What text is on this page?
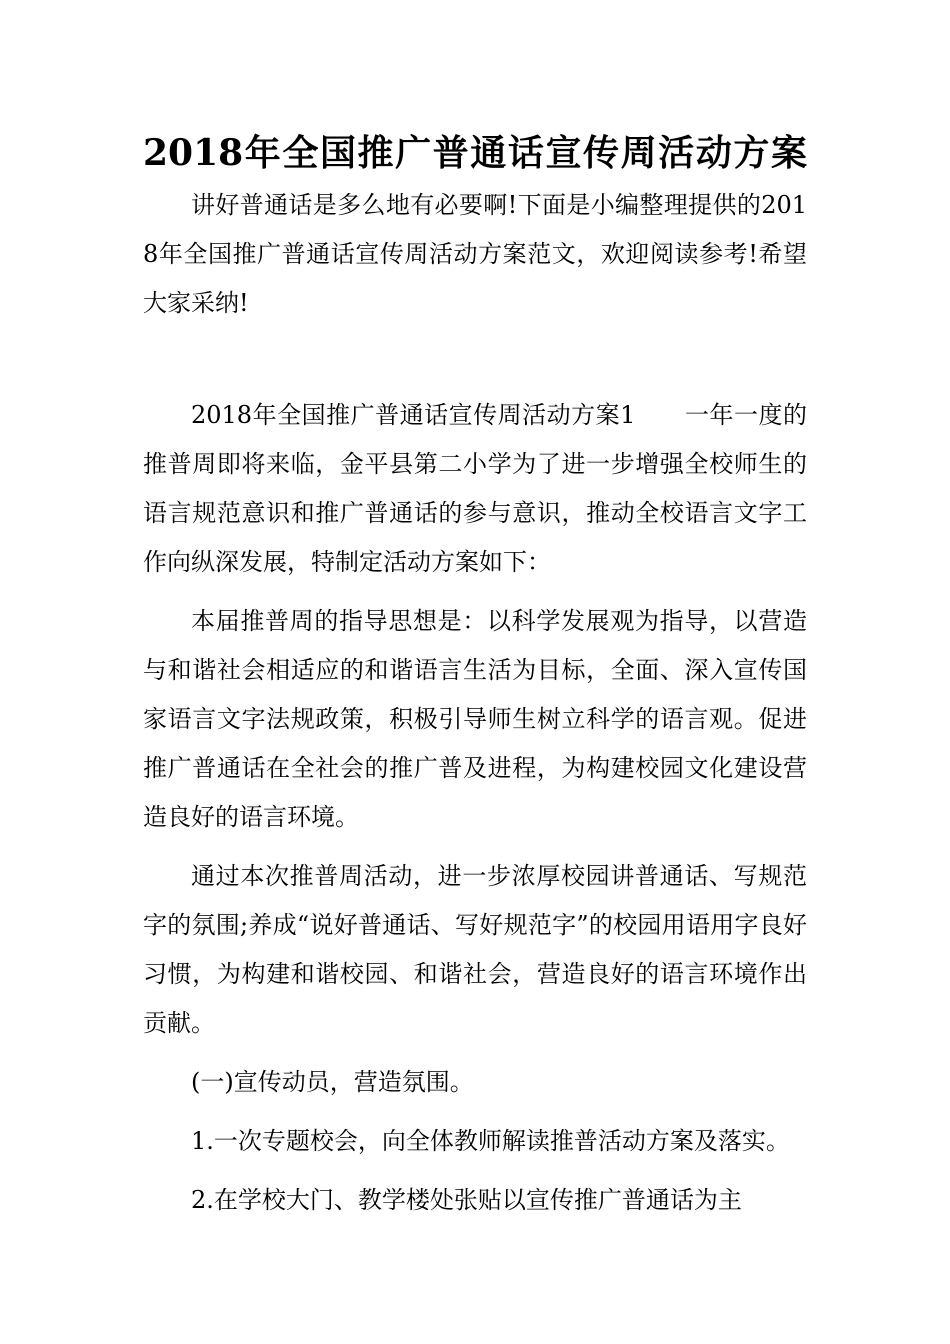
2018年全国推广普通话宣传周活动方案

讲好普通话是多么地有必要啊!下面是小编整理提供的2018年全国推广普通话宣传周活动方案范文，欢迎阅读参考!希望大家采纳!

2018年全国推广普通话宣传周活动方案1　　一年一度的推普周即将来临，金平县第二小学为了进一步增强全校师生的语言规范意识和推广普通话的参与意识，推动全校语言文字工作向纵深发展，特制定活动方案如下：

本届推普周的指导思想是：以科学发展观为指导，以营造与和谐社会相适应的和谐语言生活为目标，全面、深入宣传国家语言文字法规政策，积极引导师生树立科学的语言观。促进推广普通话在全社会的推广普及进程，为构建校园文化建设营造良好的语言环境。

通过本次推普周活动，进一步浓厚校园讲普通话、写规范字的氛围;养成“说好普通话、写好规范字”的校园用语用字良好习惯，为构建和谐校园、和谐社会，营造良好的语言环境作出贡献。

(一)宣传动员，营造氛围。

1.一次专题校会，向全体教师解读推普活动方案及落实。

2.在学校大门、教学楼处张贴以宣传推广普通话为主
